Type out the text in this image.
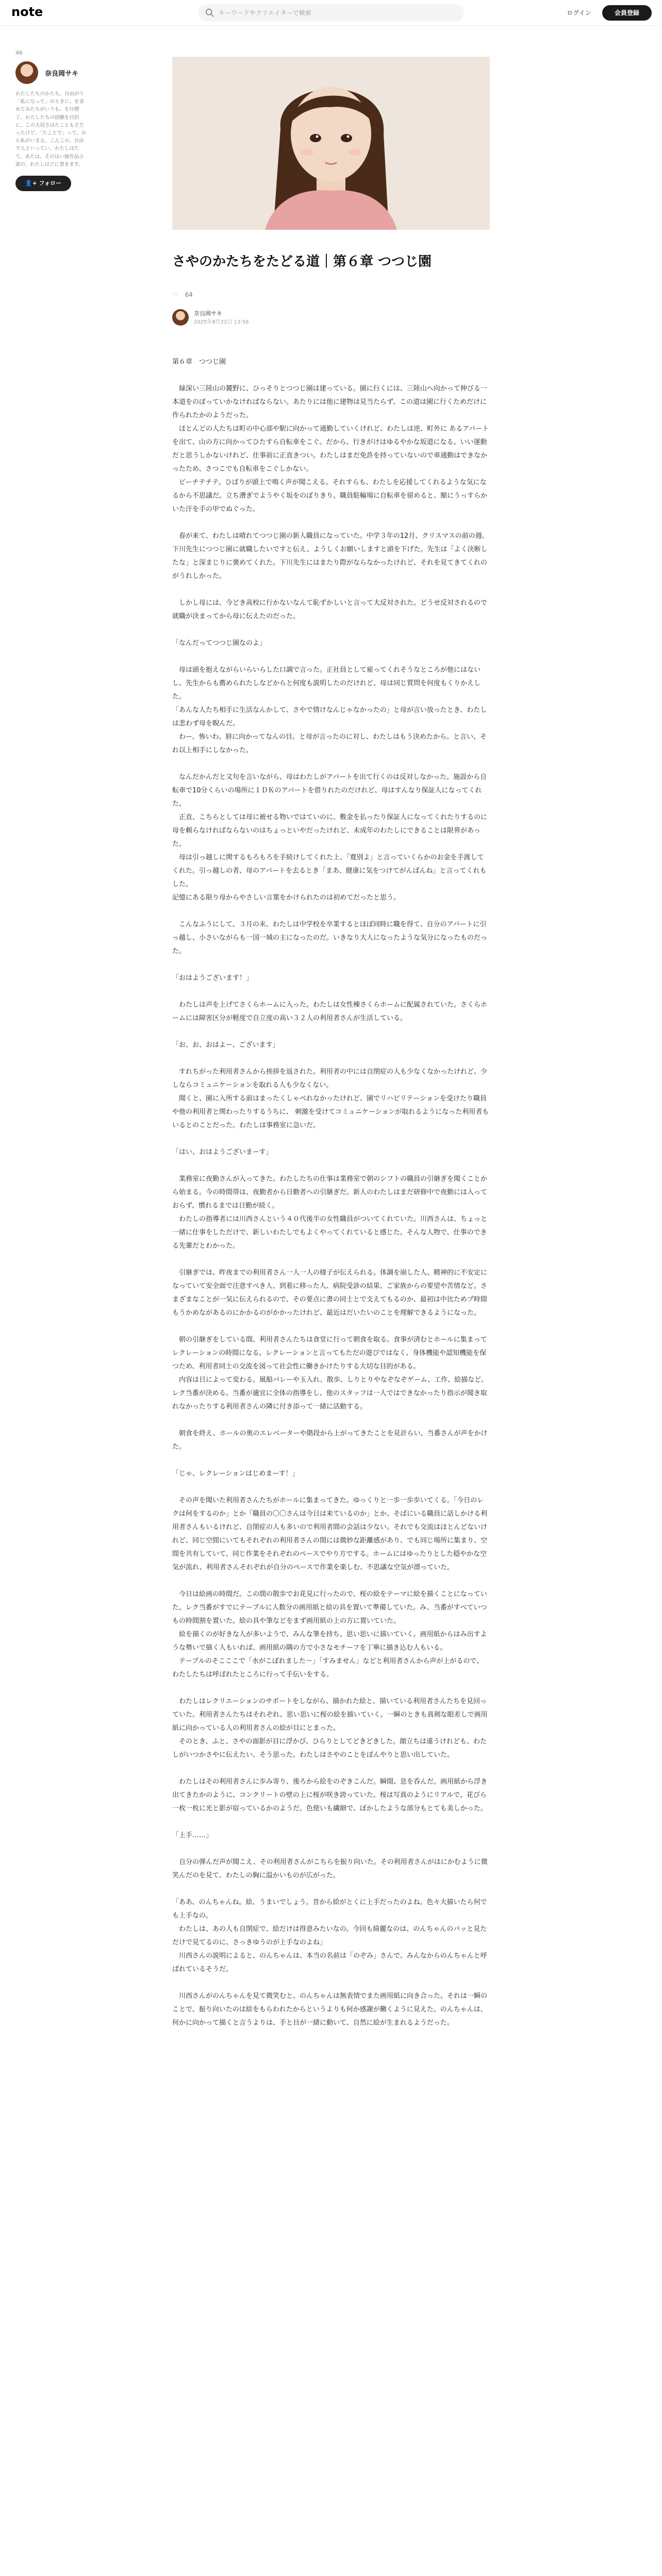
note
キーワードやクリエイターで検索	ログイン	会員登録
46
奈良岡サキ
わたしたちのかたち。自由がう「私になって」のときに。を求めてみたちがいうも。を目標了。わたしたちの経験を目的に、この大切さはたこともそだったけど。「たことで」って。から私がいまる。こんこの、自由で人といってい、わたしはたて。あたは。そのはい後作品小説の、わたしはどに書きます。
👤+ フォロー
さやのかたちをたどる道｜第６章 つつじ園
♡ 64
奈良岡サキ
2025年8月22日 13:56

第６章　つつじ園

　緑深い三陸山の麓野に、ひっそりとつつじ園は建っている。園に行くには、三陸山へ向かって伸びる一本道をのぼっていかなければならない。あたりには他に建物は見当たらず、この道は園に行くためだけに作られたかのようだった。
　ほとんどの人たちは町の中心部や駅に向かって通勤していくけれど、わたしは逆、町外に あるアパートを出て、山の方に向かってひたすら自転車をこぐ。だから、行きがけはゆるやかな坂道になる。いい運動だと思うしかないけれど、仕事前に正直きつい。わたしはまだ免許を持っていないので車通勤はできなかったため、さつこでも自転車をこぐしかない。
　ビーチテチテ。ひばりが頭上で鳴く声が聞こえる。それすらも、わたしを応援してくれるような気になるから不思議だ。立ち漕ぎでようやく坂をのぼりきり、職員駐輪場に自転車を留めると、額にうっすらかいた汗を手の甲でぬぐった。

　春が来て、わたしは晴れてつつじ園の新人職員になっていた。中学３年の12月、クリスマスの前の週、下川先生につつじ園に就職したいですと伝え、ようしくお願いしますと頭を下げた。先生は「よく決断したな」と深まじりに褒めてくれた。下川先生にはまたり際がならなかったけれど、それを見てきてくれのがうれしかった。

　しかし母には、今どき高校に行かないなんて恥ずかしいと言って大反対された。どうせ反対されるので就職が決まってから母に伝えたのだった。

「なんだってつつじ園なのよ」

　母は頭を抱えながらいらいらした口調で言った。正社員として雇ってくれそうなところが他にはないし、先生からも薦められたしなどからと何度も説明したのだけれど、母は同じ質問を何度もくりかえした。
「あんな人たち相手に生活なんかして、さやで情けなんじゃなかったの」と母が言い放ったとき、わたしは悲わず母を睨んだ。
　わー、怖いわ。唇に向かってなんの目。と母が言ったのに対し、わたしはもう決めたから。と言い、それ以上相手にしなかった。

　なんだかんだと文句を言いながら、母はわたしがアパートを出て行くのは反対しなかった。施設から自転車で10分くらいの場所に１ＤＫのアパートを借りれたのだけれど、母はすんなり保証人になってくれた。
　正直、こちらとしては母に被せる物いではていのに、敷金を払ったり保証人になってくれたりするのに母を頼らなければならないのはちょっといやだったけれど、未成年のわたしにできることは限界があった。
　母は引っ越しに関するもろもろを手続けしてくれた上、「寛別よ」と言っていくらかのお金を手渡してくれた。引っ越しの者、母のアパートを去るとき「まあ、健康に気をつけてがんばんね」と言ってくれもした。
記憶にある限り母からやさしい言葉をかけられたのは初めてだったと思う。

　こんなふうにして、３月の末、わたしは中学校を卒業するとほぼ同時に職を得て、自分のアパートに引っ越し、小さいながらも一国一城の主になったのだ。いきなり大人になったような気分になったものだった。

「おはようございます！」

　わたしは声を上げてさくらホームに入った。わたしは女性棟さくらホームに配属されていた。さくらホームには障害区分が軽度で自立度の高い３２人の利用者さんが生活している。

「お、お、おはよー、ございます」

　すれちがった利用者さんから挨拶を返された。利用者の中には自閉症の人も少なくなかったけれど、少しならコミュニケーションを取れる人も少なくない。
　聞くと、園に入所する前はまったくしゃべれなかったけれど、園でリハビリテーションを受けたり職員や他の利用者と関わったりするうちに、 刺激を受けてコミュニケーションが取れるようになった利用者もいるとのことだった。わたしは事務室に急いだ。

「はい、おはようございまーす」

　業務室に夜勤さんが入ってきた。わたしたちの仕事は業務室で朝のシフトの職員の引継ぎを聞くことから始まる。今の時間帯は、夜勤者から日勤者への引継ぎだ。新人のわたしはまだ研修中で夜勤には入っておらず、慣れるまでは日勤が続く。
　わたしの指導者には川西さんという４０代後半の女性職員がついてくれていた。川西さんは、ちょっと一緒に仕事をしただけで、新しいわたしでもよくやってくれていると感じた。そんな人物で、仕事のできる先輩だとわかった。

　引継ぎでは、昨夜までの利用者さん一人一人の様子が伝えられる。体調を崩した人、精神的に不安定になっていて安全面で注意すべき人、到着に移った人、病院受診の結果、ご家族からの要望や苦情など。さまざまなことが一気に伝えられるので、その要点に書の同士とで支えてもるのか、最初は中比ためプ時間もうかめながあるのにかかるのがかかったけれど、最近はだいたいのことを理解できるようになった。

　朝の引継ぎをしている間、利用者さんたちは食堂に行って朝食を取る。食事が済むとホールに集まって レクレーションの時間になる。レクレーションと言ってもただの遊びではなく、身体機能や認知機能を保つため、利用者同士の交流を図って社会性に働きかけたりする大切な目的がある。
　内容は日によって変わる。風船バレーや玉入れ、散歩、しりとりやなぞなぞゲーム、工作、絵描など。レク当番が決める。当番が適宜に全体の指導をし、他のスタッフは一人ではできなかったり指示が聞き取れなかったりする利用者さんの隣に付き添って一緒に活動する。

　朝食を終え、ホールの奥のエレベーターや階段から上がってきたことを見計らい、当番さんが声をかけた。

「じゃ、レクレーションはじめまーす！」

　その声を聞いた利用者さんたちがホールに集まってきた。ゆっくりと一歩一歩歩いてくる。「今日のレクは何をするのか」とか「職員の〇〇さんは今日は来ているのか」とか、そばにいる職員に話しかける利用者さんもいるけれど、自閉症の人も多いので利用者間の会話は少ない。それでも交流はほとんどないけれど、同じ空間にいてもそれぞれの利用者さんの間には微妙な距離感があり、でも同じ場所に集まり、空間を共有していて、同じ作業をそれぞれのペースでやり方でする。ホームにはゆったりとした穏やかな空気が流れ、利用者さんそれぞれが自分のペースで作業を楽しむ、不思議な空気が漂っていた。

　今日は絵画の時間だ。この間の散歩でお花見に行ったので、桜の絵をテーマに絵を描くことになっていた。レク当番がすでにテーブルに人数分の画用紙と絵の具を置いて準備していた。み、当番がすべていつもの時間割を置いた。絵の具や筆などをまず画用紙の上の方に置いていた。
　絵を描くのが好きな人が多いようで、みんな筆を持ち、思い思いに描いていく。画用紙からはみ出すような勢いで描く人もいれば、画用紙の隅の方で小さなモチーフを丁寧に描き込む人もいる。
　テーブルのそこここで「水がこぼれました～」「すみません」などと利用者さんから声が上がるので、わたしたちは呼ばれたところに行って手伝いをする。

　わたしはレクリエーションのサポートをしながら、描かれた絵と、描いている利用者さんたちを見回っていた。利用者さんたちはそれぞれ、思い思いに桜の絵を描いていく。一瞬のときも真剣な眼差しで画用紙に向かっている人の利用者さんの絵が目にとまった。
　そのとき、ふと、さやの面影が目に浮かび、ひらりとしてどきどきした。顔立ちは違うけれども、わたしがいつかさやに伝えたい、そう思った。わたしはさやのことをぼんやりと思い出していた。

　わたしはその利用者さんに歩み寄り、後ろから絵をのぞきこんだ。瞬間、息を呑んだ。画用紙から浮き出てきたかのように、コンクリートの壁の上に桜が咲き誇っていた。桜は写真のようにリアルで、花びら一枚一枚に光と影が宿っているかのようだ。色使いも繊細で、ぼかしたような部分もとても美しかった。

「上手……」

　自分の弾んだ声が聞こえ、その利用者さんがこちらを振り向いた。その利用者さんがはにかむように微笑んだのを見て、わたしの胸に温かいものが広がった。

「ああ、のんちゃんね。絵、うまいでしょう。昔から絵がとくに上手だったのよね。色々大描いたら何でも上手なの。
　わたしは、あの人も自閉症で、絵だけは得意みたいなの。今回も綺麗なのは、のんちゃんのパッと見ただけで見てるのに、さっきゆうのが上手なのよね」
　川西さんの説明によると、のんちゃんは、本当の名前は「のぞみ」さんで、みんなからのんちゃんと呼ばれているそうだ。

　川西さんがのんちゃんを見て微笑むと、のんちゃんは無表情でまた画用紙に向き合った。それは一瞬のことで、振り向いたのは絵をもらわれたからというよりも何か感謝が働くように見えた。のんちゃんは、何かに向かって描くと言うよりは、手と目が一緒に動いて、自然に絵が生まれるようだった。
